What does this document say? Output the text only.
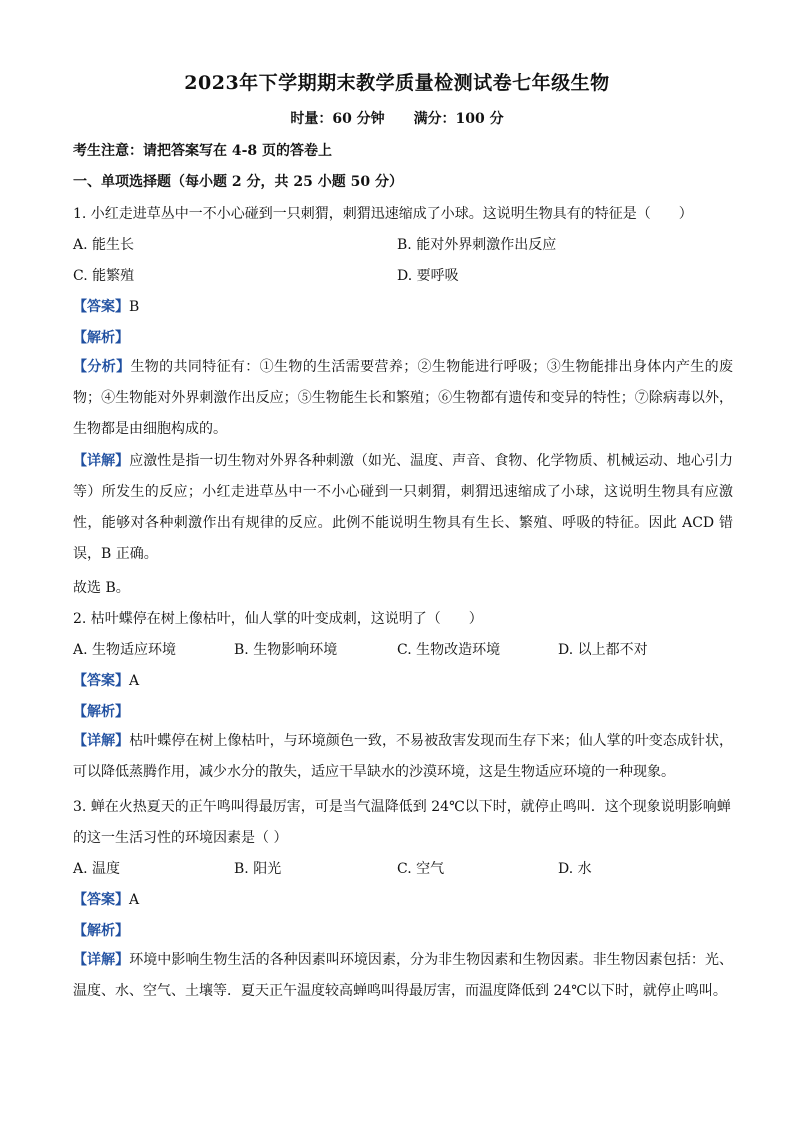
2023年下学期期末教学质量检测试卷七年级生物
时量：60 分钟 满分：100 分
考生注意：请把答案写在 4-8 页的答卷上
一、单项选择题（每小题 2 分，共 25 小题 50 分）
1. 小红走进草丛中一不小心碰到一只刺猬，刺猬迅速缩成了小球。这说明生物具有的特征是（　　）
A. 能生长	B. 能对外界刺激作出反应
C. 能繁殖	D. 要呼吸
【答案】B
【解析】
【分析】生物的共同特征有：①生物的生活需要营养；②生物能进行呼吸；③生物能排出身体内产生的废物；④生物能对外界刺激作出反应；⑤生物能生长和繁殖；⑥生物都有遗传和变异的特性；⑦除病毒以外，生物都是由细胞构成的。
【详解】应激性是指一切生物对外界各种刺激（如光、温度、声音、食物、化学物质、机械运动、地心引力等）所发生的反应；小红走进草丛中一不小心碰到一只刺猬，刺猬迅速缩成了小球，这说明生物具有应激性，能够对各种刺激作出有规律的反应。此例不能说明生物具有生长、繁殖、呼吸的特征。因此 ACD 错误，B 正确。
故选 B。
2. 枯叶蝶停在树上像枯叶，仙人掌的叶变成刺，这说明了（　　）
A. 生物适应环境	B. 生物影响环境	C. 生物改造环境	D. 以上都不对
【答案】A
【解析】
【详解】枯叶蝶停在树上像枯叶，与环境颜色一致，不易被敌害发现而生存下来；仙人掌的叶变态成针状，可以降低蒸腾作用，减少水分的散失，适应干旱缺水的沙漠环境，这是生物适应环境的一种现象。
3. 蝉在火热夏天的正午鸣叫得最厉害，可是当气温降低到 24℃以下时，就停止鸣叫．这个现象说明影响蝉
的这一生活习性的环境因素是（ ）
A. 温度	B. 阳光	C. 空气	D. 水
【答案】A
【解析】
【详解】环境中影响生物生活的各种因素叫环境因素，分为非生物因素和生物因素。非生物因素包括：光、温度、水、空气、土壤等．夏天正午温度较高蝉鸣叫得最厉害，而温度降低到 24℃以下时，就停止鸣叫。
